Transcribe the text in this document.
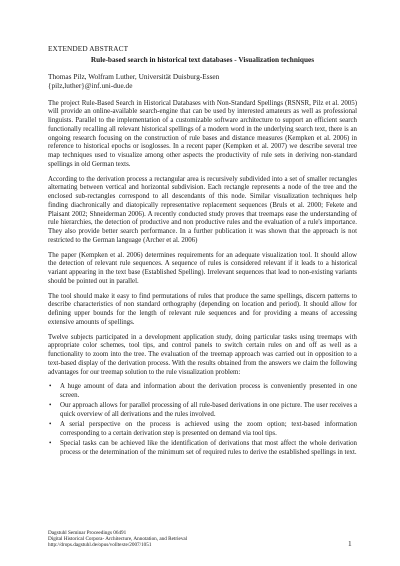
EXTENDED ABSTRACT
Rule-based search in historical text databases - Visualization techniques
Thomas Pilz, Wolfram Luther, Universität Duisburg-Essen
{pilz,luther}@inf.uni-due.de

The project Rule-Based Search in Historical Databases with Non-Standard Spellings (RSNSR, Pilz et al. 2005) will provide an online-available search-engine that can be used by interested amateurs as well as professional linguists. Parallel to the implementation of a customizable software architecture to support an efficient search functionally recalling all relevant historical spellings of a modern word in the underlying search text, there is an ongoing research focusing on the construction of rule bases and distance measures (Kempken et al. 2006) in reference to historical epochs or isoglosses. In a recent paper (Kempken et al. 2007) we describe several tree map techniques used to visualize among other aspects the productivity of rule sets in deriving non-standard spellings in old German texts.

According to the derivation process a rectangular area is recursively subdivided into a set of smaller rectangles alternating between vertical and horizontal subdivision. Each rectangle represents a node of the tree and the enclosed sub-rectangles correspond to all descendants of this node. Similar visualization techniques help finding diachronically and diatopically representative replacement sequences (Bruls et al. 2000; Fekete and Plaisant 2002; Shneiderman 2006). A recently conducted study proves that treemaps ease the understanding of rule hierarchies, the detection of productive and non productive rules and the evaluation of a rule's importance. They also provide better search performance. In a further publication it was shown that the approach is not restricted to the German language (Archer et al. 2006)

The paper (Kempken et al. 2006) determines requirements for an adequate visualization tool. It should allow the detection of relevant rule sequences. A sequence of rules is considered relevant if it leads to a historical variant appearing in the text base (Established Spelling). Irrelevant sequences that lead to non-existing variants should be pointed out in parallel.

The tool should make it easy to find permutations of rules that produce the same spellings, discern patterns to describe characteristics of non standard orthography (depending on location and period). It should allow for defining upper bounds for the length of relevant rule sequences and for providing a means of accessing extensive amounts of spellings.

Twelve subjects participated in a development application study, doing particular tasks using treemaps with appropriate color schemes, tool tips, and control panels to switch certain rules on and off as well as a functionality to zoom into the tree. The evaluation of the treemap approach was carried out in opposition to a text-based display of the derivation process. With the results obtained from the answers we claim the following advantages for our treemap solution to the rule visualization problem:

• A huge amount of data and information about the derivation process is conveniently presented in one screen.
• Our approach allows for parallel processing of all rule-based derivations in one picture. The user receives a quick overview of all derivations and the rules involved.
• A serial perspective on the process is achieved using the zoom option; text-based information corresponding to a certain derivation step is presented on demand via tool tips.
• Special tasks can be achieved like the identification of derivations that most affect the whole derivation process or the determination of the minimum set of required rules to derive the established spellings in text.
Dagstuhl Seminar Proceedings 06491
Digital Historical Corpora- Architecture, Annotation, and Retrieval
http://drops.dagstuhl.de/opus/volltexte/2007/1051	1
